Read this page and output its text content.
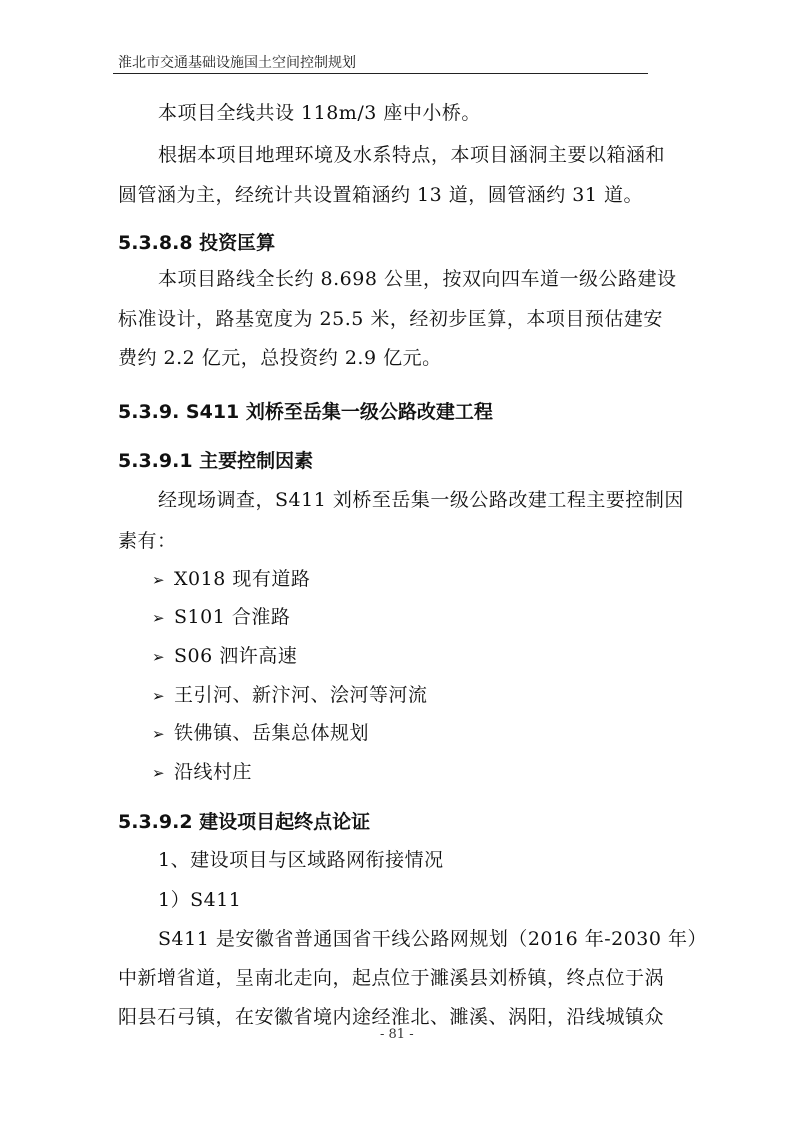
淮北市交通基础设施国土空间控制规划
本项目全线共设 118m/3 座中小桥。
根据本项目地理环境及水系特点，本项目涵洞主要以箱涵和
圆管涵为主，经统计共设置箱涵约 13 道，圆管涵约 31 道。
5.3.8.8 投资匡算
本项目路线全长约 8.698 公里，按双向四车道一级公路建设
标准设计，路基宽度为 25.5 米，经初步匡算，本项目预估建安
费约 2.2 亿元，总投资约 2.9 亿元。
5.3.9. S411 刘桥至岳集一级公路改建工程
5.3.9.1 主要控制因素
经现场调查，S411 刘桥至岳集一级公路改建工程主要控制因
素有：
➢ X018 现有道路
➢ S101 合淮路
➢ S06 泗许高速
➢ 王引河、新汴河、浍河等河流
➢ 铁佛镇、岳集总体规划
➢ 沿线村庄
5.3.9.2 建设项目起终点论证
1、建设项目与区域路网衔接情况
1）S411
S411 是安徽省普通国省干线公路网规划（2016 年-2030 年）
中新增省道，呈南北走向，起点位于濉溪县刘桥镇，终点位于涡
阳县石弓镇，在安徽省境内途经淮北、濉溪、涡阳，沿线城镇众
- 81 -
